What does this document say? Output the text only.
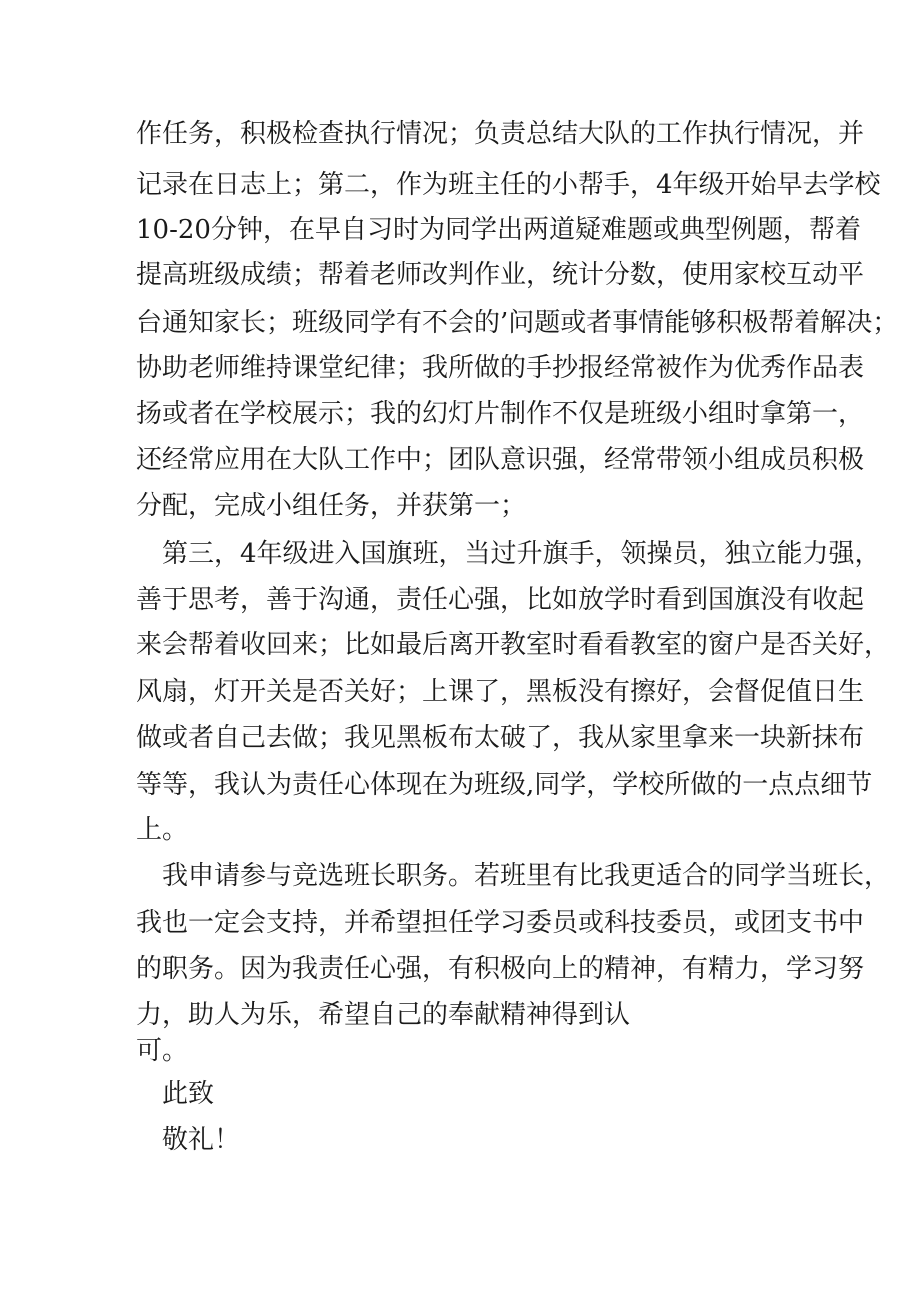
作任务，积极检查执行情况；负责总结大队的工作执行情况，并
记录在日志上；第二，作为班主任的小帮手，4年级开始早去学校
10-20分钟，在早自习时为同学出两道疑难题或典型例题，帮着
提高班级成绩；帮着老师改判作业，统计分数，使用家校互动平
台通知家长；班级同学有不会的’问题或者事情能够积极帮着解决；
协助老师维持课堂纪律；我所做的手抄报经常被作为优秀作品表
扬或者在学校展示；我的幻灯片制作不仅是班级小组时拿第一，
还经常应用在大队工作中；团队意识强，经常带领小组成员积极
分配，完成小组任务，并获第一；
第三，4年级进入国旗班，当过升旗手，领操员，独立能力强，
善于思考，善于沟通，责任心强，比如放学时看到国旗没有收起
来会帮着收回来；比如最后离开教室时看看教室的窗户是否关好，
风扇，灯开关是否关好；上课了，黑板没有擦好，会督促值日生
做或者自己去做；我见黑板布太破了，我从家里拿来一块新抹布
等等，我认为责任心体现在为班级,同学，学校所做的一点点细节
上。
我申请参与竞选班长职务。若班里有比我更适合的同学当班长，
我也一定会支持，并希望担任学习委员或科技委员，或团支书中
的职务。因为我责任心强，有积极向上的精神，有精力，学习努
力，助人为乐，希望自己的奉献精神得到认
可。
此致
敬礼！
